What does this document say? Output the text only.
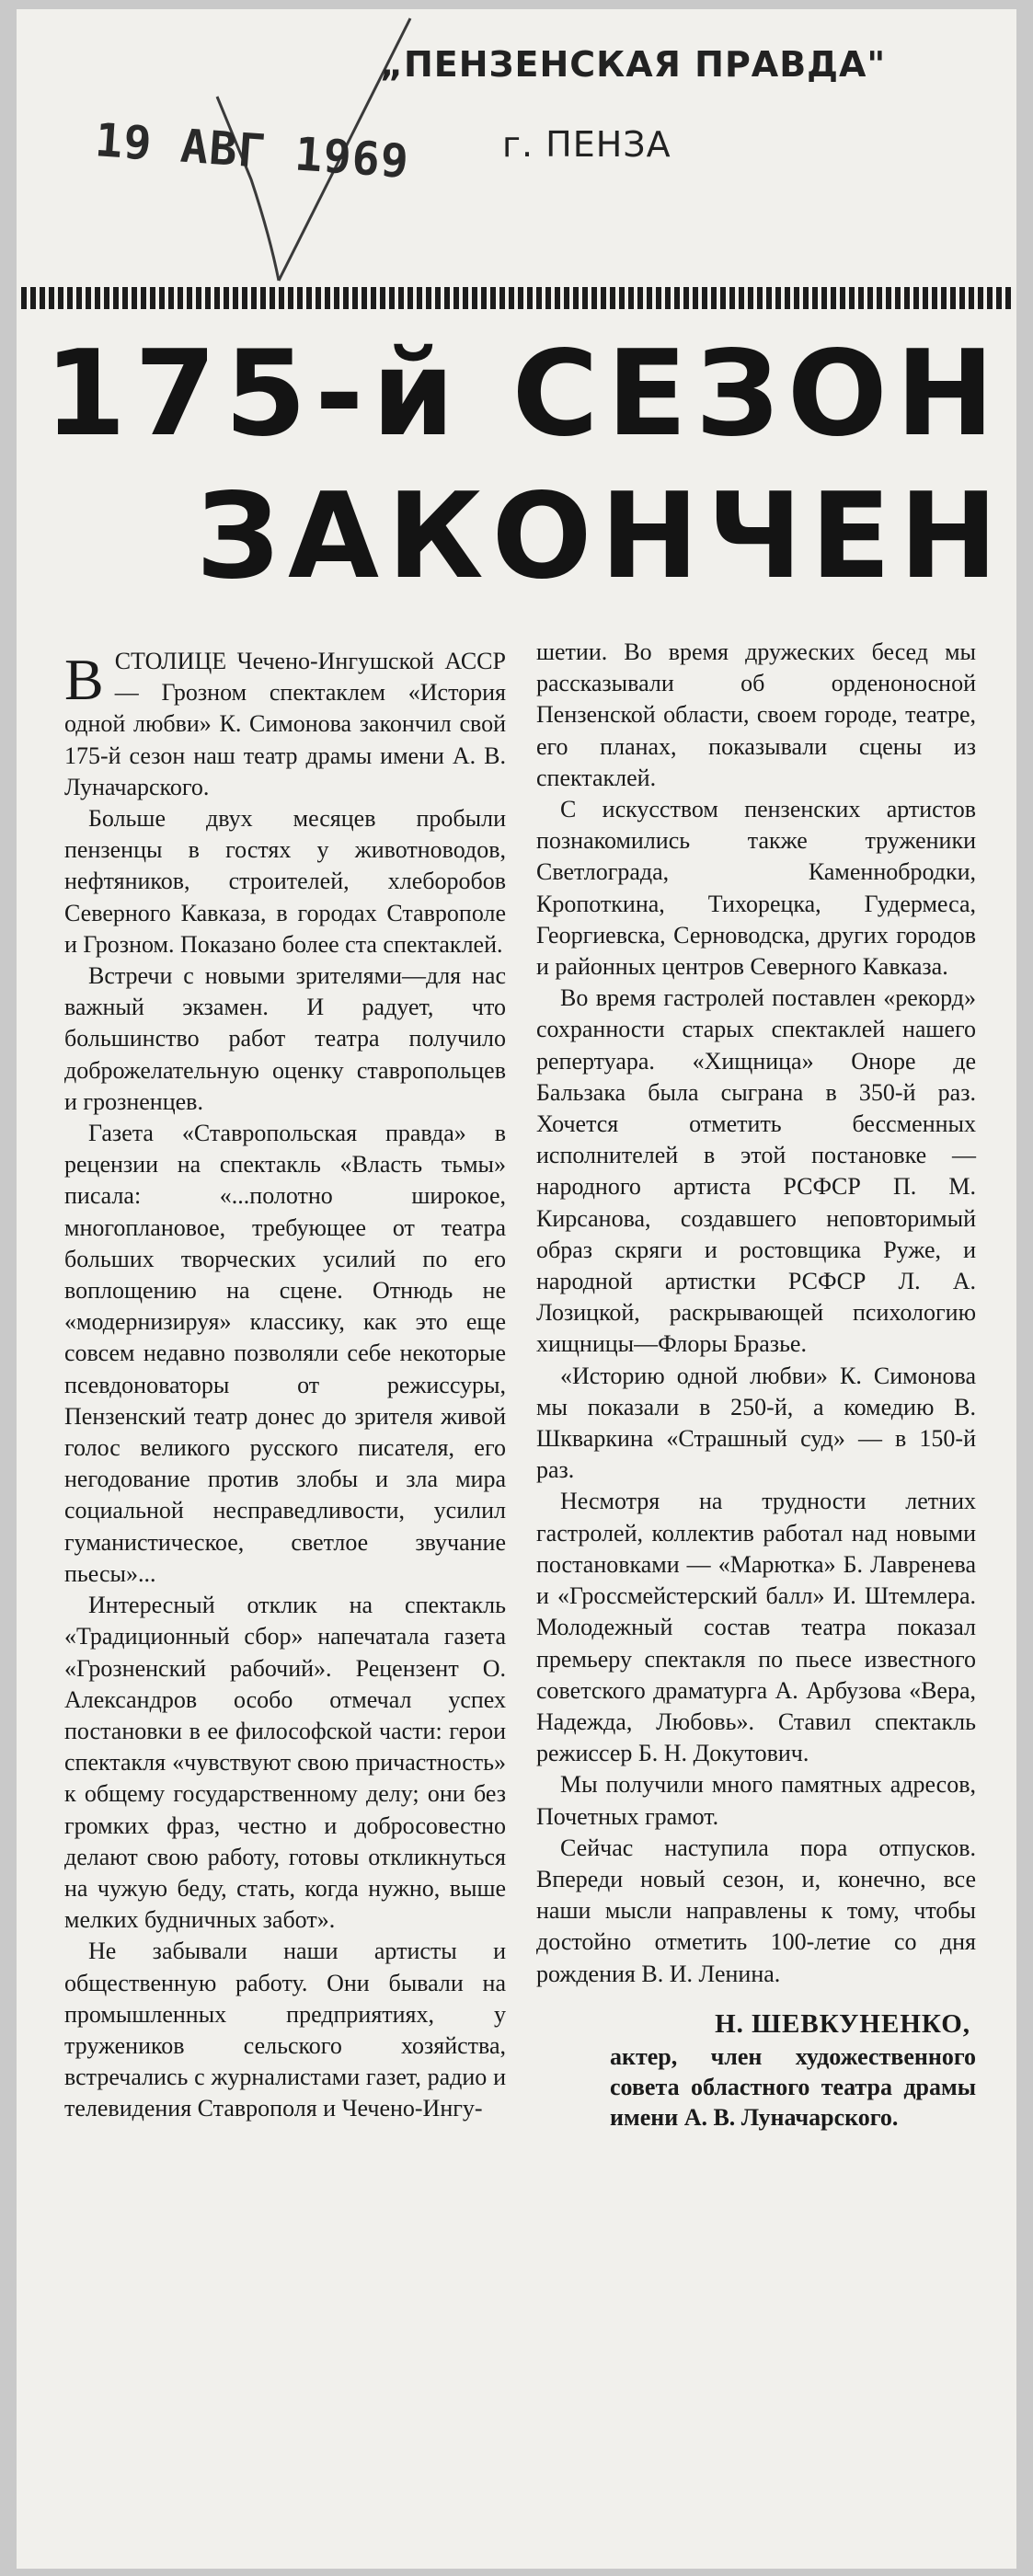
19 АВГ 1969
„ПЕНЗЕНСКАЯ ПРАВДА"
г. ПЕНЗА
175-й СЕЗОН
ЗАКОНЧЕН

ВСТОЛИЦЕ Чечено-Ингушской АССР — Грозном спектаклем «История одной любви» К. Симонова закончил свой 175-й сезон наш театр драмы имени А. В. Луначарского.

Больше двух месяцев пробыли пензенцы в гостях у животноводов, нефтяников, строителей, хлеборобов Северного Кавказа, в городах Ставрополе и Грозном. Показано более ста спектаклей.

Встречи с новыми зрителями—для нас важный экзамен. И радует, что большинство работ театра получило доброжелательную оценку ставропольцев и грозненцев.

Газета «Ставропольская правда» в рецензии на спектакль «Власть тьмы» писала: «...полотно широкое, многоплановое, требующее от театра больших творческих усилий по его воплощению на сцене. Отнюдь не «модернизируя» классику, как это еще совсем недавно позволяли себе некоторые псевдоноваторы от режиссуры, Пензенский театр донес до зрителя живой голос великого русского писателя, его негодование против злобы и зла мира социальной несправедливости, усилил гуманистическое, светлое звучание пьесы»...

Интересный отклик на спектакль «Традиционный сбор» напечатала газета «Грозненский рабочий». Рецензент О. Александров особо отмечал успех постановки в ее философской части: герои спектакля «чувствуют свою причастность» к общему государственному делу; они без громких фраз, честно и добросовестно делают свою работу, готовы откликнуться на чужую беду, стать, когда нужно, выше мелких будничных забот».

Не забывали наши артисты и общественную работу. Они бывали на промышленных предприятиях, у тружеников сельского хозяйства, встречались с журналистами газет, радио и телевидения Ставрополя и Чечено-Ингу-

шетии. Во время дружеских бесед мы рассказывали об орденоносной Пензенской области, своем городе, театре, его планах, показывали сцены из спектаклей.

С искусством пензенских артистов познакомились также труженики Светлограда, Каменнобродки, Кропоткина, Тихорецка, Гудермеса, Георгиевска, Серноводска, других городов и районных центров Северного Кавказа.

Во время гастролей поставлен «рекорд» сохранности старых спектаклей нашего репертуара. «Хищница» Оноре де Бальзака была сыграна в 350-й раз. Хочется отметить бессменных исполнителей в этой постановке — народного артиста РСФСР П. М. Кирсанова, создавшего неповторимый образ скряги и ростовщика Руже, и народной артистки РСФСР Л. А. Лозицкой, раскрывающей психологию хищницы—Флоры Бразье.

«Историю одной любви» К. Симонова мы показали в 250-й, а комедию В. Шкваркина «Страшный суд» — в 150-й раз.

Несмотря на трудности летних гастролей, коллектив работал над новыми постановками — «Марютка» Б. Лавренева и «Гроссмейстерский балл» И. Штемлера. Молодежный состав театра показал премьеру спектакля по пьесе известного советского драматурга А. Арбузова «Вера, Надежда, Любовь». Ставил спектакль режиссер Б. Н. Докутович.

Мы получили много памятных адресов, Почетных грамот.

Сейчас наступила пора отпусков. Впереди новый сезон, и, конечно, все наши мысли направлены к тому, чтобы достойно отметить 100-летие со дня рождения В. И. Ленина.

Н. ШЕВКУНЕНКО,
актер, член художественного совета областного театра драмы имени А. В. Луначарского.
